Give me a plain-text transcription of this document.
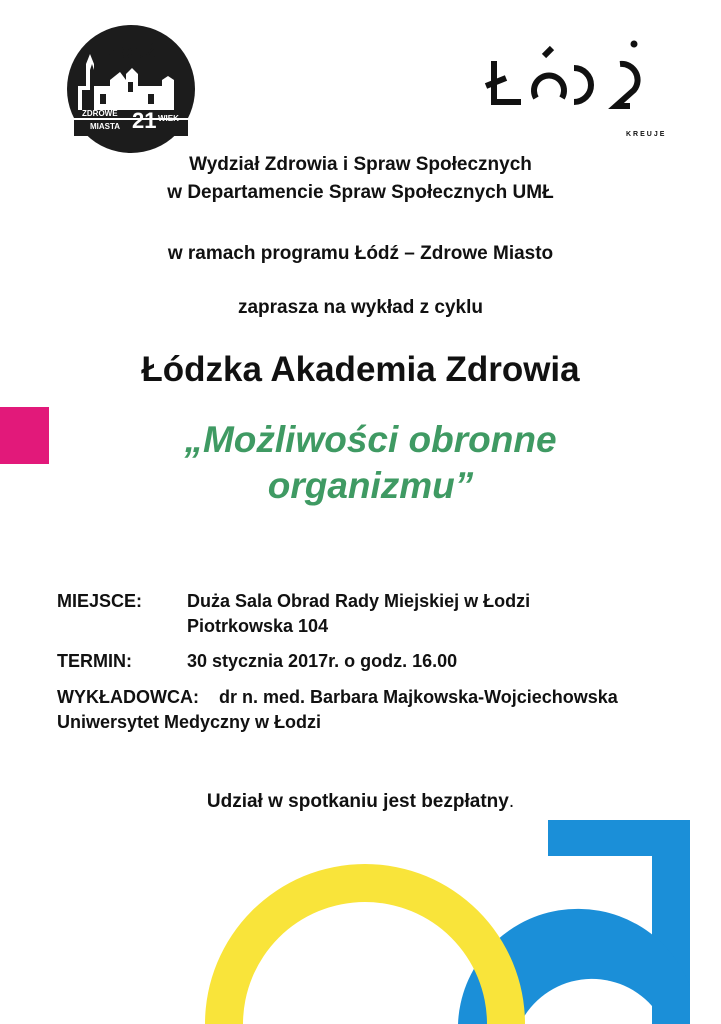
ŁÓDŹ
ZDROWE
MIASTA 21 WIEK
KREUJE
Wydział Zdrowia i Spraw Społecznych
w Departamencie Spraw Społecznych UMŁ
w ramach programu Łódź – Zdrowe Miasto
zaprasza na wykład z cyklu
Łódzka Akademia Zdrowia
„Możliwości obronne
organizmu”
MIEJSCE: Duża Sala Obrad Rady Miejskiej w Łodzi
Piotrkowska 104
TERMIN:	30 stycznia 2017r. o godz. 16.00
WYKŁADOWCA: dr n. med. Barbara Majkowska-Wojciechowska
Uniwersytet Medyczny w Łodzi
Udział w spotkaniu jest bezpłatny.
